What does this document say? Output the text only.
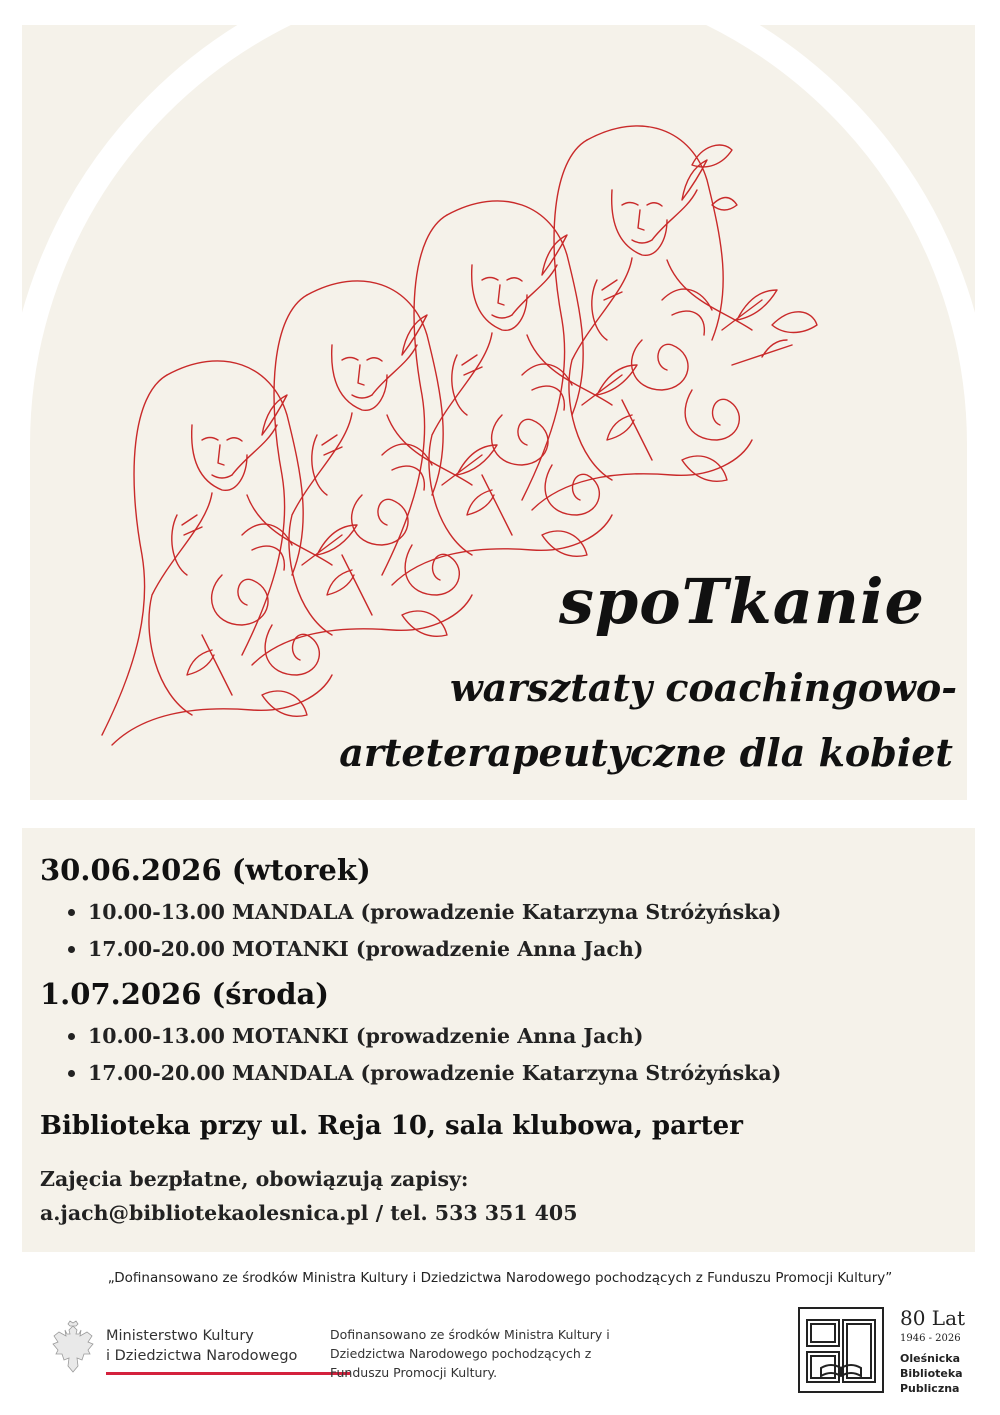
spoTkanie
warsztaty coachingowo-
arteterapeutyczne dla kobiet
30.06.2026 (wtorek)
10.00-13.00 MANDALA (prowadzenie Katarzyna Stróżyńska)
17.00-20.00 MOTANKI (prowadzenie Anna Jach)
1.07.2026 (środa)
10.00-13.00 MOTANKI (prowadzenie Anna Jach)
17.00-20.00 MANDALA (prowadzenie Katarzyna Stróżyńska)
Biblioteka przy ul. Reja 10, sala klubowa, parter
Zajęcia bezpłatne, obowiązują zapisy:
a.jach@bibliotekaolesnica.pl / tel. 533 351 405
„Dofinansowano ze środków Ministra Kultury i Dziedzictwa Narodowego pochodzących z Funduszu Promocji Kultury”
Ministerstwo Kultury
i Dziedzictwa Narodowego
Dofinansowano ze środków Ministra Kultury i Dziedzictwa Narodowego pochodzących z Funduszu Promocji Kultury.
80 Lat
1946 - 2026
Oleśnicka
Biblioteka
Publiczna
